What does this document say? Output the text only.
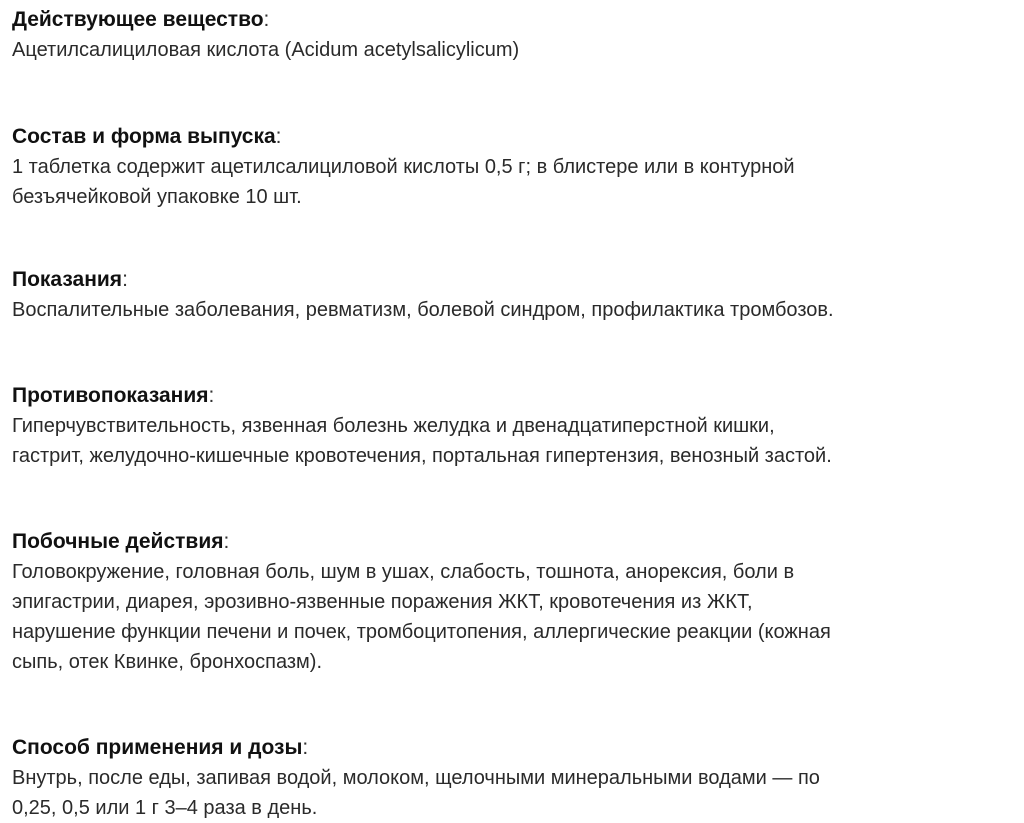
Действующее вещество:

Ацетилсалициловая кислота (Acidum acetylsalicylicum)

Состав и форма выпуска:

1 таблетка содержит ацетилсалициловой кислоты 0,5 г; в блистере или в контурной
безъячейковой упаковке 10 шт.

Показания:

Воспалительные заболевания, ревматизм, болевой синдром, профилактика тромбозов.

Противопоказания:

Гиперчувствительность, язвенная болезнь желудка и двенадцатиперстной кишки,
гастрит, желудочно-кишечные кровотечения, портальная гипертензия, венозный застой.

Побочные действия:

Головокружение, головная боль, шум в ушах, слабость, тошнота, анорексия, боли в
эпигастрии, диарея, эрозивно-язвенные поражения ЖКТ, кровотечения из ЖКТ,
нарушение функции печени и почек, тромбоцитопения, аллергические реакции (кожная
сыпь, отек Квинке, бронхоспазм).

Способ применения и дозы:

Внутрь, после еды, запивая водой, молоком, щелочными минеральными водами — по
0,25, 0,5 или 1 г 3–4 раза в день.
